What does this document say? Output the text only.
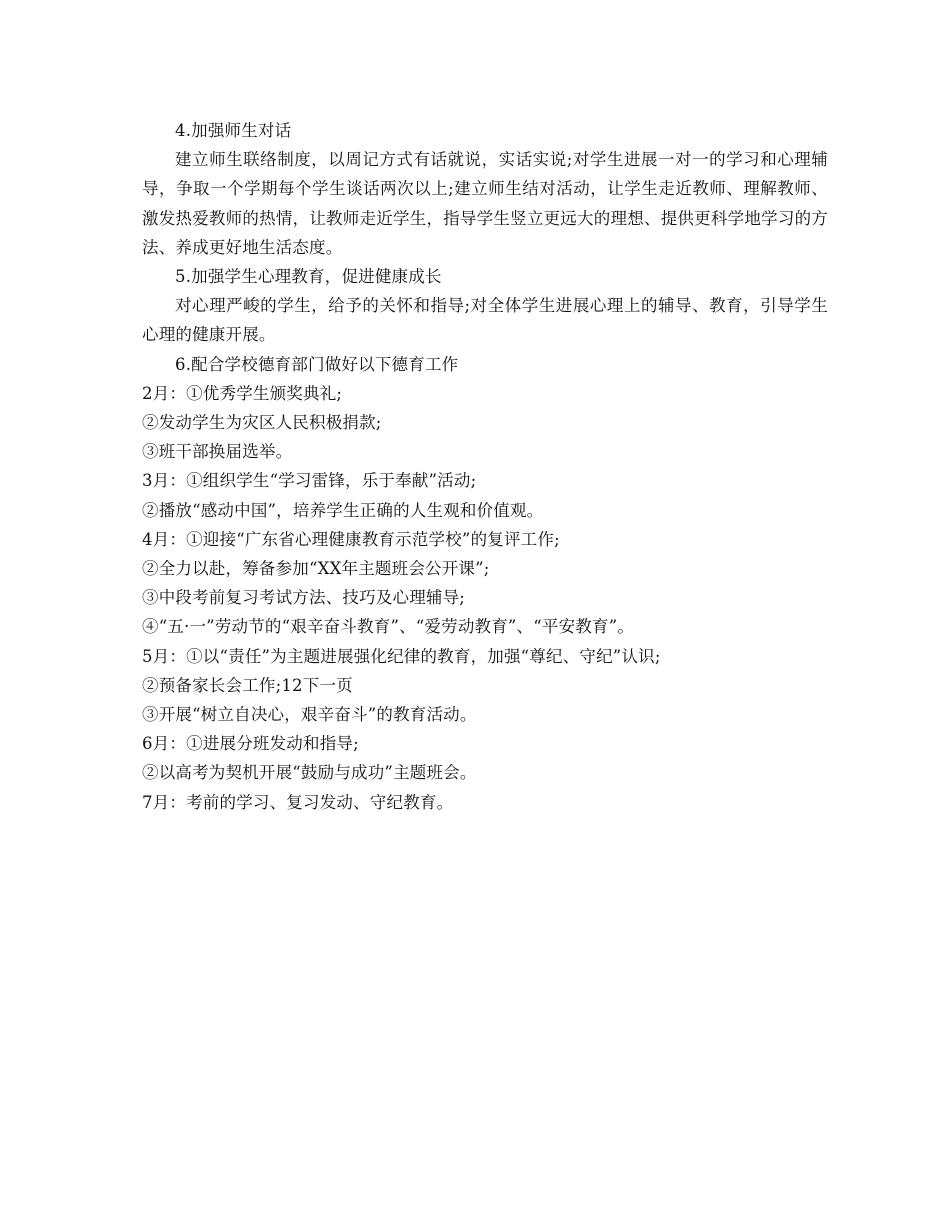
4.加强师生对话

建立师生联络制度，以周记方式有话就说，实话实说;对学生进展一对一的学习和心理辅导，争取一个学期每个学生谈话两次以上;建立师生结对活动，让学生走近教师、理解教师、激发热爱教师的热情，让教师走近学生，指导学生竖立更远大的理想、提供更科学地学习的方法、养成更好地生活态度。

5.加强学生心理教育，促进健康成长

对心理严峻的学生，给予的关怀和指导;对全体学生进展心理上的辅导、教育，引导学生心理的健康开展。

6.配合学校德育部门做好以下德育工作

2月：①优秀学生颁奖典礼;

②发动学生为灾区人民积极捐款;

③班干部换届选举。

3月：①组织学生“学习雷锋，乐于奉献”活动;

②播放“感动中国”，培养学生正确的人生观和价值观。

4月：①迎接“广东省心理健康教育示范学校”的复评工作;

②全力以赴，筹备参加“XX年主题班会公开课”;

③中段考前复习考试方法、技巧及心理辅导;

④“五·一”劳动节的“艰辛奋斗教育”、“爱劳动教育”、“平安教育”。

5月：①以“责任”为主题进展强化纪律的教育，加强“尊纪、守纪”认识;

②预备家长会工作;12下一页

③开展“树立自决心，艰辛奋斗”的教育活动。

6月：①进展分班发动和指导;

②以高考为契机开展“鼓励与成功”主题班会。

7月：考前的学习、复习发动、守纪教育。
